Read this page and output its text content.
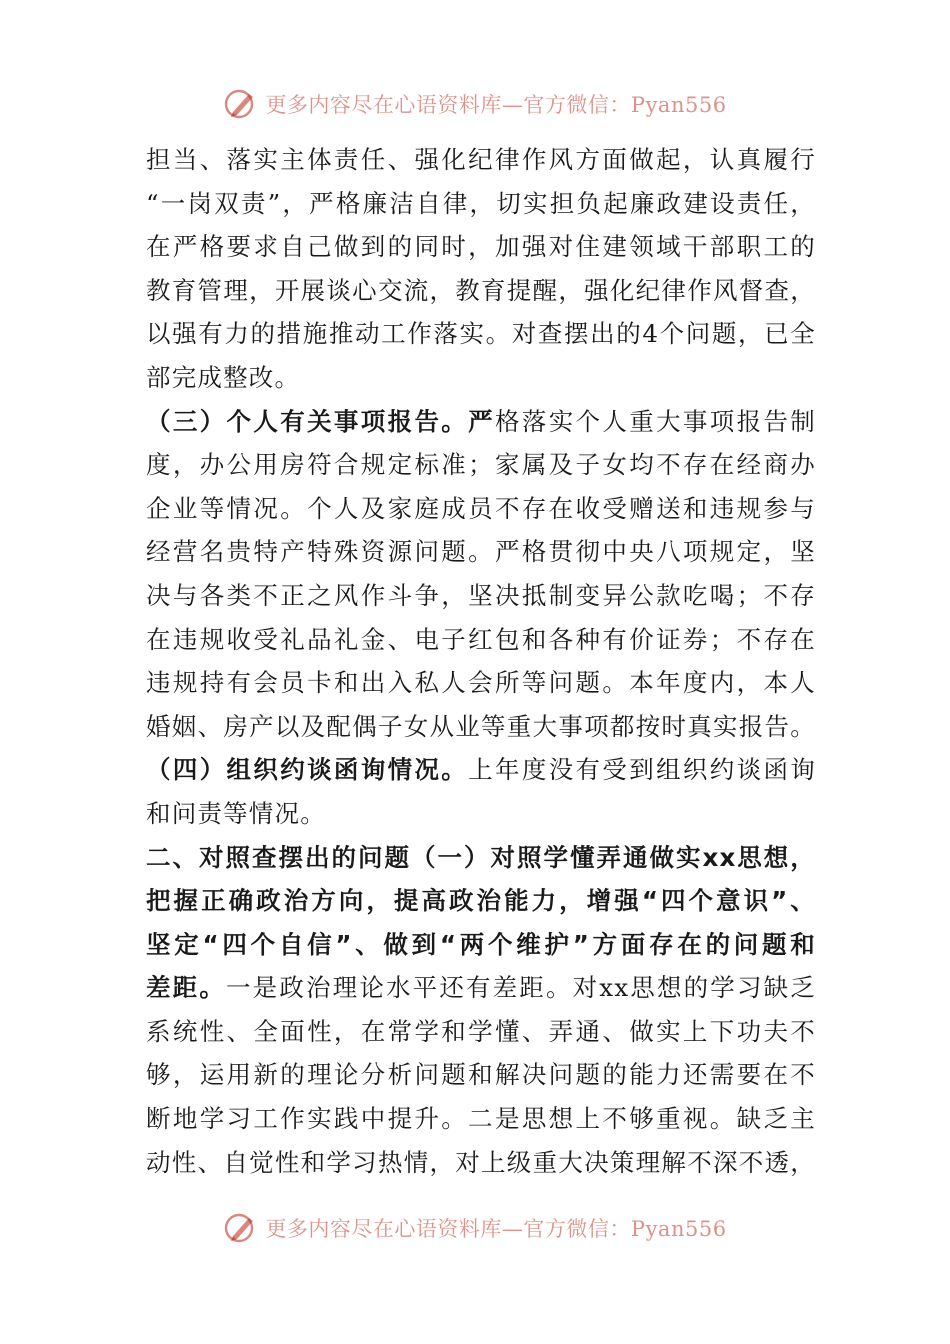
更多内容尽在心语资料库—官方微信：Pyan556
担当、落实主体责任、强化纪律作风方面做起，认真履行
“一岗双责”，严格廉洁自律，切实担负起廉政建设责任，
在严格要求自己做到的同时，加强对住建领域干部职工的
教育管理，开展谈心交流，教育提醒，强化纪律作风督查，
以强有力的措施推动工作落实。对查摆出的4个问题，已全
部完成整改。
（三）个人有关事项报告。严格落实个人重大事项报告制
度，办公用房符合规定标准；家属及子女均不存在经商办
企业等情况。个人及家庭成员不存在收受赠送和违规参与
经营名贵特产特殊资源问题。严格贯彻中央八项规定，坚
决与各类不正之风作斗争，坚决抵制变异公款吃喝；不存
在违规收受礼品礼金、电子红包和各种有价证券；不存在
违规持有会员卡和出入私人会所等问题。本年度内，本人
婚姻、房产以及配偶子女从业等重大事项都按时真实报告。
（四）组织约谈函询情况。上年度没有受到组织约谈函询
和问责等情况。
二、对照查摆出的问题（一）对照学懂弄通做实xx思想，
把握正确政治方向，提高政治能力，增强“四个意识”、
坚定“四个自信”、做到“两个维护”方面存在的问题和
差距。一是政治理论水平还有差距。对xx思想的学习缺乏
系统性、全面性，在常学和学懂、弄通、做实上下功夫不
够，运用新的理论分析问题和解决问题的能力还需要在不
断地学习工作实践中提升。二是思想上不够重视。缺乏主
动性、自觉性和学习热情，对上级重大决策理解不深不透，
更多内容尽在心语资料库—官方微信：Pyan556
